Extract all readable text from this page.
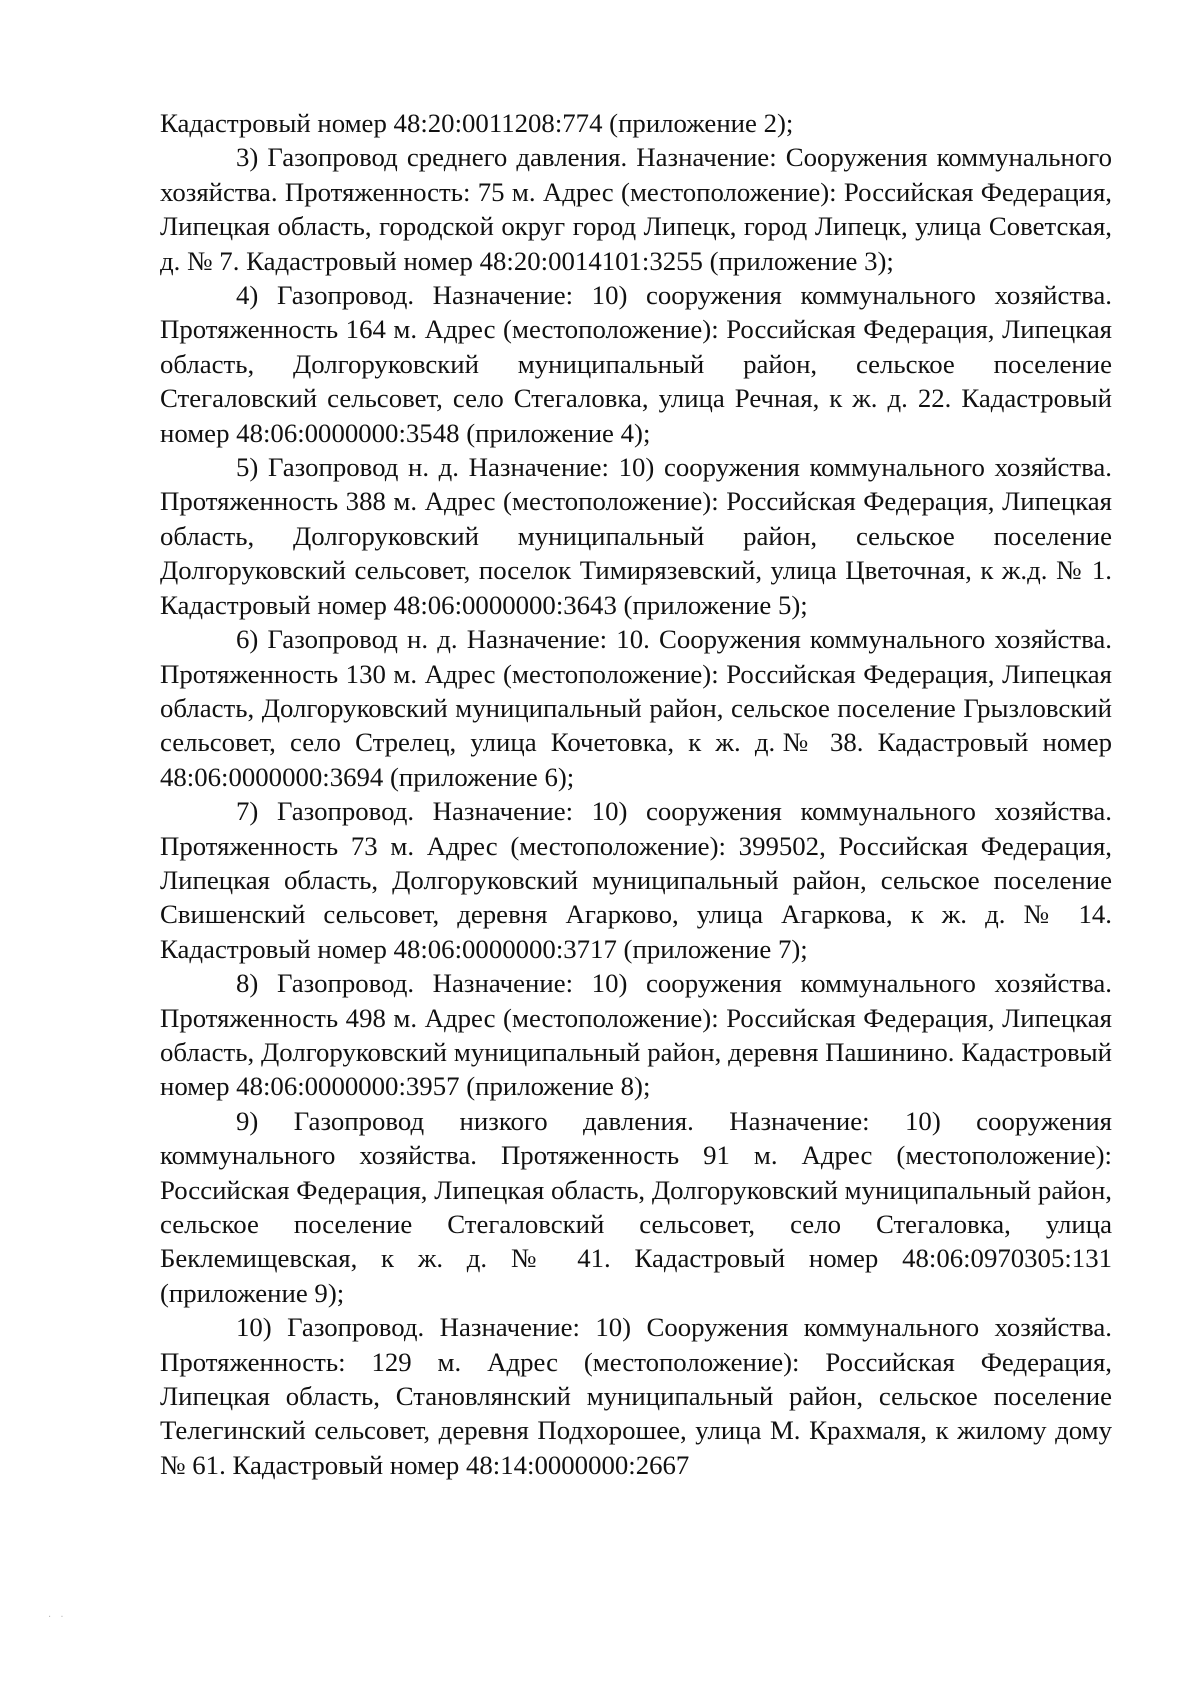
Кадастровый номер 48:20:0011208:774 (приложение 2);

3) Газопровод среднего давления. Назначение: Сооружения коммунального хозяйства. Протяженность: 75 м. Адрес (местоположение): Российская Федерация, Липецкая область, городской округ город Липецк, город Липецк, улица Советская, д. № 7. Кадастровый номер 48:20:0014101:3255 (приложение 3);

4) Газопровод. Назначение: 10) сооружения коммунального хозяйства. Протяженность 164 м. Адрес (местоположение): Российская Федерация, Липецкая область, Долгоруковский муниципальный район, сельское поселение Стегаловский сельсовет, село Стегаловка, улица Речная, к ж. д. 22. Кадастровый номер 48:06:0000000:3548 (приложение 4);

5) Газопровод н. д. Назначение: 10) сооружения коммунального хозяйства. Протяженность 388 м. Адрес (местоположение): Российская Федерация, Липецкая область, Долгоруковский муниципальный район, сельское поселение Долгоруковский сельсовет, поселок Тимирязевский, улица Цветочная, к ж.д. № 1. Кадастровый номер 48:06:0000000:3643 (приложение 5);

6) Газопровод н. д. Назначение: 10. Сооружения коммунального хозяйства. Протяженность 130 м. Адрес (местоположение): Российская Федерация, Липецкая область, Долгоруковский муниципальный район, сельское поселение Грызловский сельсовет, село Стрелец, улица Кочетовка, к ж. д.№ 38. Кадастровый номер 48:06:0000000:3694 (приложение 6);

7) Газопровод. Назначение: 10) сооружения коммунального хозяйства. Протяженность 73 м. Адрес (местоположение): 399502, Российская Федерация, Липецкая область, Долгоруковский муниципальный район, сельское поселение Свишенский сельсовет, деревня Агарково, улица Агаркова, к ж. д. № 14. Кадастровый номер 48:06:0000000:3717 (приложение 7);

8) Газопровод. Назначение: 10) сооружения коммунального хозяйства. Протяженность 498 м. Адрес (местоположение): Российская Федерация, Липецкая область, Долгоруковский муниципальный район, деревня Пашинино. Кадастровый номер 48:06:0000000:3957 (приложение 8);

9) Газопровод низкого давления. Назначение: 10) сооружения коммунального хозяйства. Протяженность 91 м. Адрес (местоположение): Российская Федерация, Липецкая область, Долгоруковский муниципальный район, сельское поселение Стегаловский сельсовет, село Стегаловка, улица Беклемищевская, к ж. д. № 41. Кадастровый номер 48:06:0970305:131 (приложение 9);

10) Газопровод. Назначение: 10) Сооружения коммунального хозяйства. Протяженность: 129 м. Адрес (местоположение): Российская Федерация, Липецкая область, Становлянский муниципальный район, сельское поселение Телегинский сельсовет, деревня Подхорошее, улица М. Крахмаля, к жилому дому № 61. Кадастровый номер 48:14:0000000:2667

· ·
